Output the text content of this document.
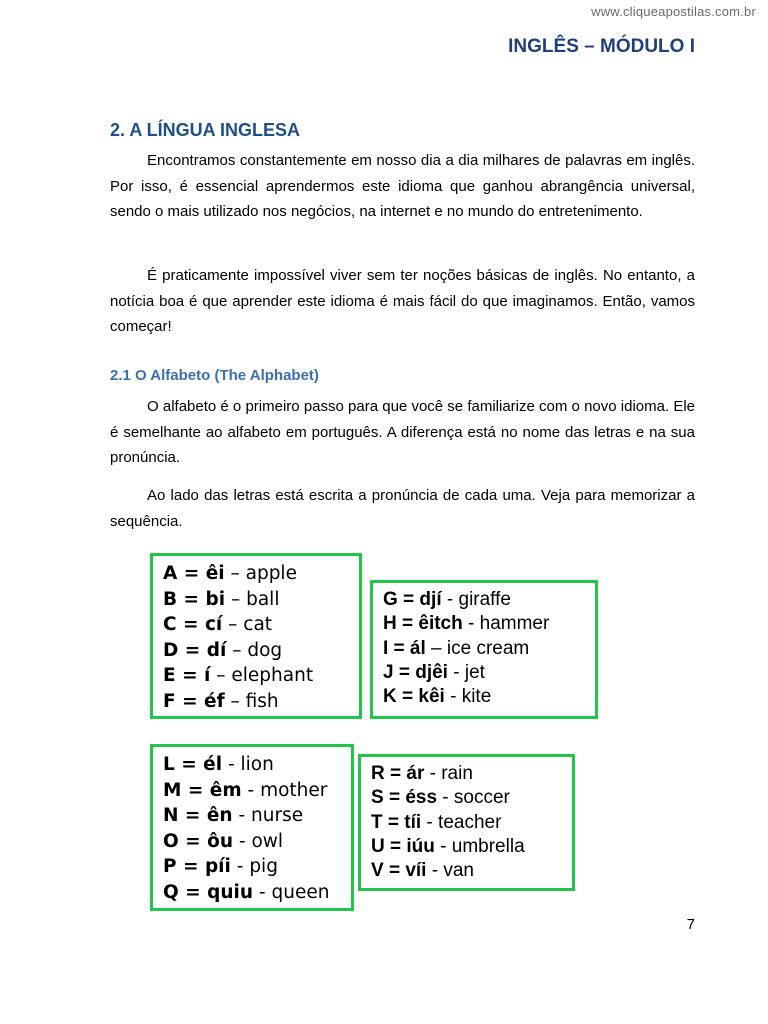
www.cliqueapostilas.com.br
INGLÊS – MÓDULO I
2. A LÍNGUA INGLESA

Encontramos constantemente em nosso dia a dia milhares de palavras em inglês. Por isso, é essencial aprendermos este idioma que ganhou abrangência universal, sendo o mais utilizado nos negócios, na internet e no mundo do entretenimento.

É praticamente impossível viver sem ter noções básicas de inglês. No entanto, a notícia boa é que aprender este idioma é mais fácil do que imaginamos. Então, vamos começar!

2.1 O Alfabeto (The Alphabet)

O alfabeto é o primeiro passo para que você se familiarize com o novo idioma. Ele é semelhante ao alfabeto em português. A diferença está no nome das letras e na sua pronúncia.

Ao lado das letras está escrita a pronúncia de cada uma. Veja para memorizar a sequência.

A = êi – apple
B = bi – ball
C = cí – cat
D = dí – dog
E = í – elephant
F = éf – fish
G = djí - giraffe
H = êitch - hammer
I = ál – ice cream
J = djêi - jet
K = kêi - kite
L = él - lion
M = êm - mother
N = ên - nurse
O = ôu - owl
P = píi - pig
Q = quiu - queen
R = ár - rain
S = éss - soccer
T = tíi - teacher
U = iúu - umbrella
V = víi - van
7
